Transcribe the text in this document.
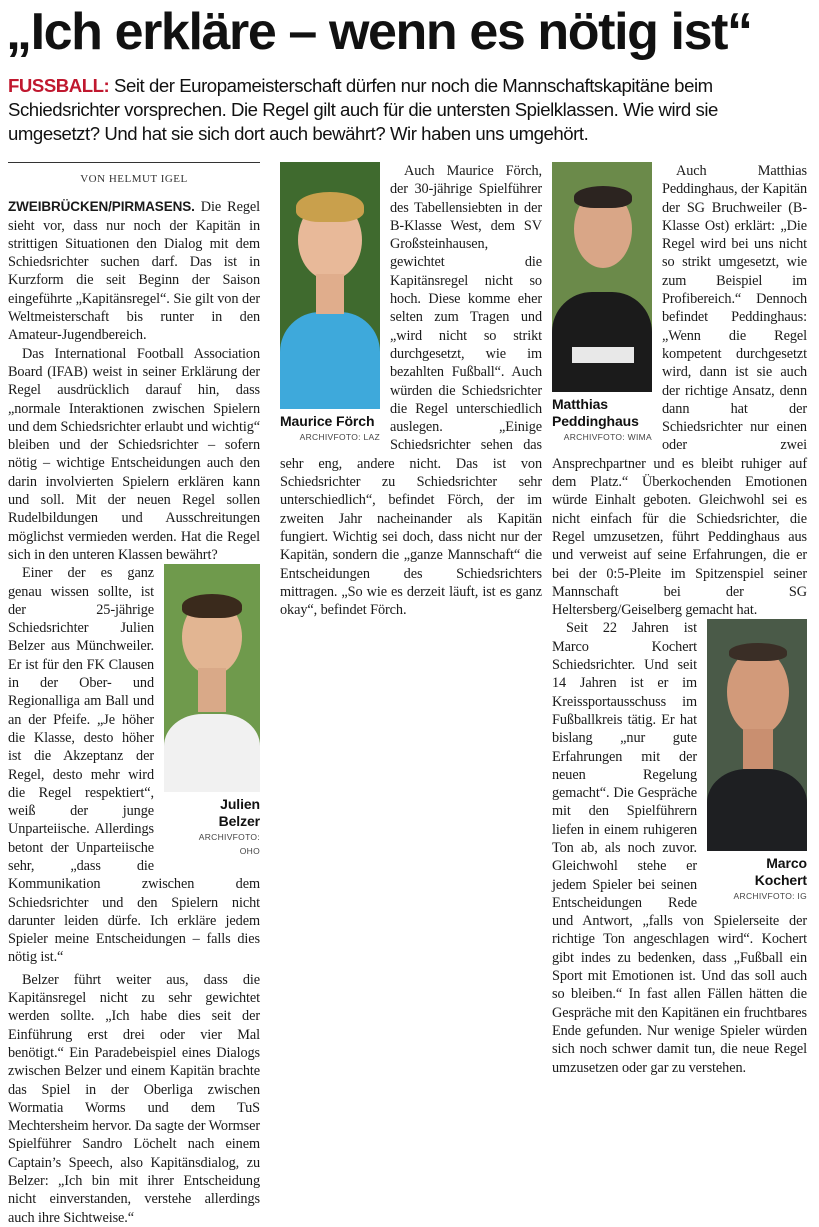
„Ich erkläre – wenn es nötig ist“

FUSSBALL: Seit der Europameisterschaft dürfen nur noch die Mannschaftskapitäne beim Schiedsrichter vorsprechen. Die Regel gilt auch für die untersten Spielklassen. Wie wird sie umgesetzt? Und hat sie sich dort auch bewährt? Wir haben uns umgehört.

VON HELMUT IGEL

ZWEIBRÜCKEN/PIRMASENS. Die Regel sieht vor, dass nur noch der Kapitän in strittigen Situationen den Dialog mit dem Schiedsrichter suchen darf. Das ist in Kurzform die seit Beginn der Saison eingeführte „Kapitänsregel“. Sie gilt von der Weltmeisterschaft bis runter in den Amateur-Jugendbereich.

Das International Football Association Board (IFAB) weist in seiner Erklärung der Regel ausdrücklich darauf hin, dass „normale Interaktionen zwischen Spielern und dem Schiedsrichter erlaubt und wichtig“ bleiben und der Schiedsrichter – sofern nötig – wichtige Entscheidungen auch den darin involvierten Spielern erklären kann und soll. Mit der neuen Regel sollen Rudelbildungen und Ausschreitungen möglichst vermieden werden. Hat die Regel sich in den unteren Klassen bewährt?

Julien Belzer
ARCHIVFOTO: OHO
Einer der es ganz genau wissen sollte, ist der 25-jährige Schiedsrichter Julien Belzer aus Münchweiler. Er ist für den FK Clausen in der Ober- und Regionalliga am Ball und an der Pfeife. „Je höher die Klasse, desto höher ist die Akzeptanz der Regel, desto mehr wird die Regel respektiert“, weiß der junge Unparteiische. Allerdings betont der Unparteiische sehr, „dass die Kommunikation zwischen dem Schiedsrichter und den Spielern nicht darunter leiden dürfe. Ich erkläre jedem Spieler meine Entscheidungen – falls dies nötig ist.“

Belzer führt weiter aus, dass die Kapitänsregel nicht zu sehr gewichtet werden sollte. „Ich habe dies seit der Einführung erst drei oder vier Mal benötigt.“ Ein Paradebeispiel eines Dialogs zwischen Belzer und einem Kapitän brachte das Spiel in der Oberliga zwischen Wormatia Worms und dem TuS Mechtersheim hervor. Da sagte der Wormser Spielführer Sandro Löchelt nach einem Captain’s Speech, also Kapitänsdialog, zu Belzer: „Ich bin mit ihrer Entscheidung nicht einverstanden, verstehe allerdings auch ihre Sichtweise.“

Maurice Förch
ARCHIVFOTO: LAZ

Auch Maurice Förch, der 30-jährige Spielführer des Tabellensiebten in der B-Klasse West, dem SV Großsteinhausen, gewichtet die Kapitänsregel nicht so hoch. Diese komme eher selten zum Tragen und „wird nicht so strikt durchgesetzt, wie im bezahlten Fußball“. Auch würden die Schiedsrichter die Regel unterschiedlich auslegen. „Einige Schiedsrichter sehen das sehr eng, andere nicht. Das ist von Schiedsrichter zu Schiedsrichter sehr unterschiedlich“, befindet Förch, der im zweiten Jahr nacheinander als Kapitän fungiert. Wichtig sei doch, dass nicht nur der Kapitän, sondern die „ganze Mannschaft“ die Entscheidungen des Schiedsrichters mittragen. „So wie es derzeit läuft, ist es ganz okay“, befindet Förch.

Matthias Peddinghaus
ARCHIVFOTO: WIMA

Auch Matthias Peddinghaus, der Kapitän der SG Bruchweiler (B-Klasse Ost) erklärt: „Die Regel wird bei uns nicht so strikt umgesetzt, wie zum Beispiel im Profibereich.“ Dennoch befindet Peddinghaus: „Wenn die Regel kompetent durchgesetzt wird, dann ist sie auch der richtige Ansatz, denn dann hat der Schiedsrichter nur einen oder zwei Ansprechpartner und es bleibt ruhiger auf dem Platz.“ Überkochenden Emotionen würde Einhalt geboten. Gleichwohl sei es nicht einfach für die Schiedsrichter, die Regel umzusetzen, führt Peddinghaus aus und verweist auf seine Erfahrungen, die er bei der 0:5-Pleite im Spitzenspiel seiner Mannschaft bei der SG Heltersberg/Geiselberg gemacht hat.

Marco Kochert
ARCHIVFOTO: IG
Seit 22 Jahren ist Marco Kochert Schiedsrichter. Und seit 14 Jahren ist er im Kreissportausschuss im Fußballkreis tätig. Er hat bislang „nur gute Erfahrungen mit der neuen Regelung gemacht“. Die Gespräche mit den Spielführern liefen in einem ruhigeren Ton ab, als noch zuvor. Gleichwohl stehe er jedem Spieler bei seinen Entscheidungen Rede und Antwort, „falls von Spielerseite der richtige Ton angeschlagen wird“. Kochert gibt indes zu bedenken, dass „Fußball ein Sport mit Emotionen ist. Und das soll auch so bleiben.“ In fast allen Fällen hätten die Gespräche mit den Kapitänen ein fruchtbares Ende gefunden. Nur wenige Spieler würden sich noch schwer damit tun, die neue Regel umzusetzen oder gar zu verstehen.
